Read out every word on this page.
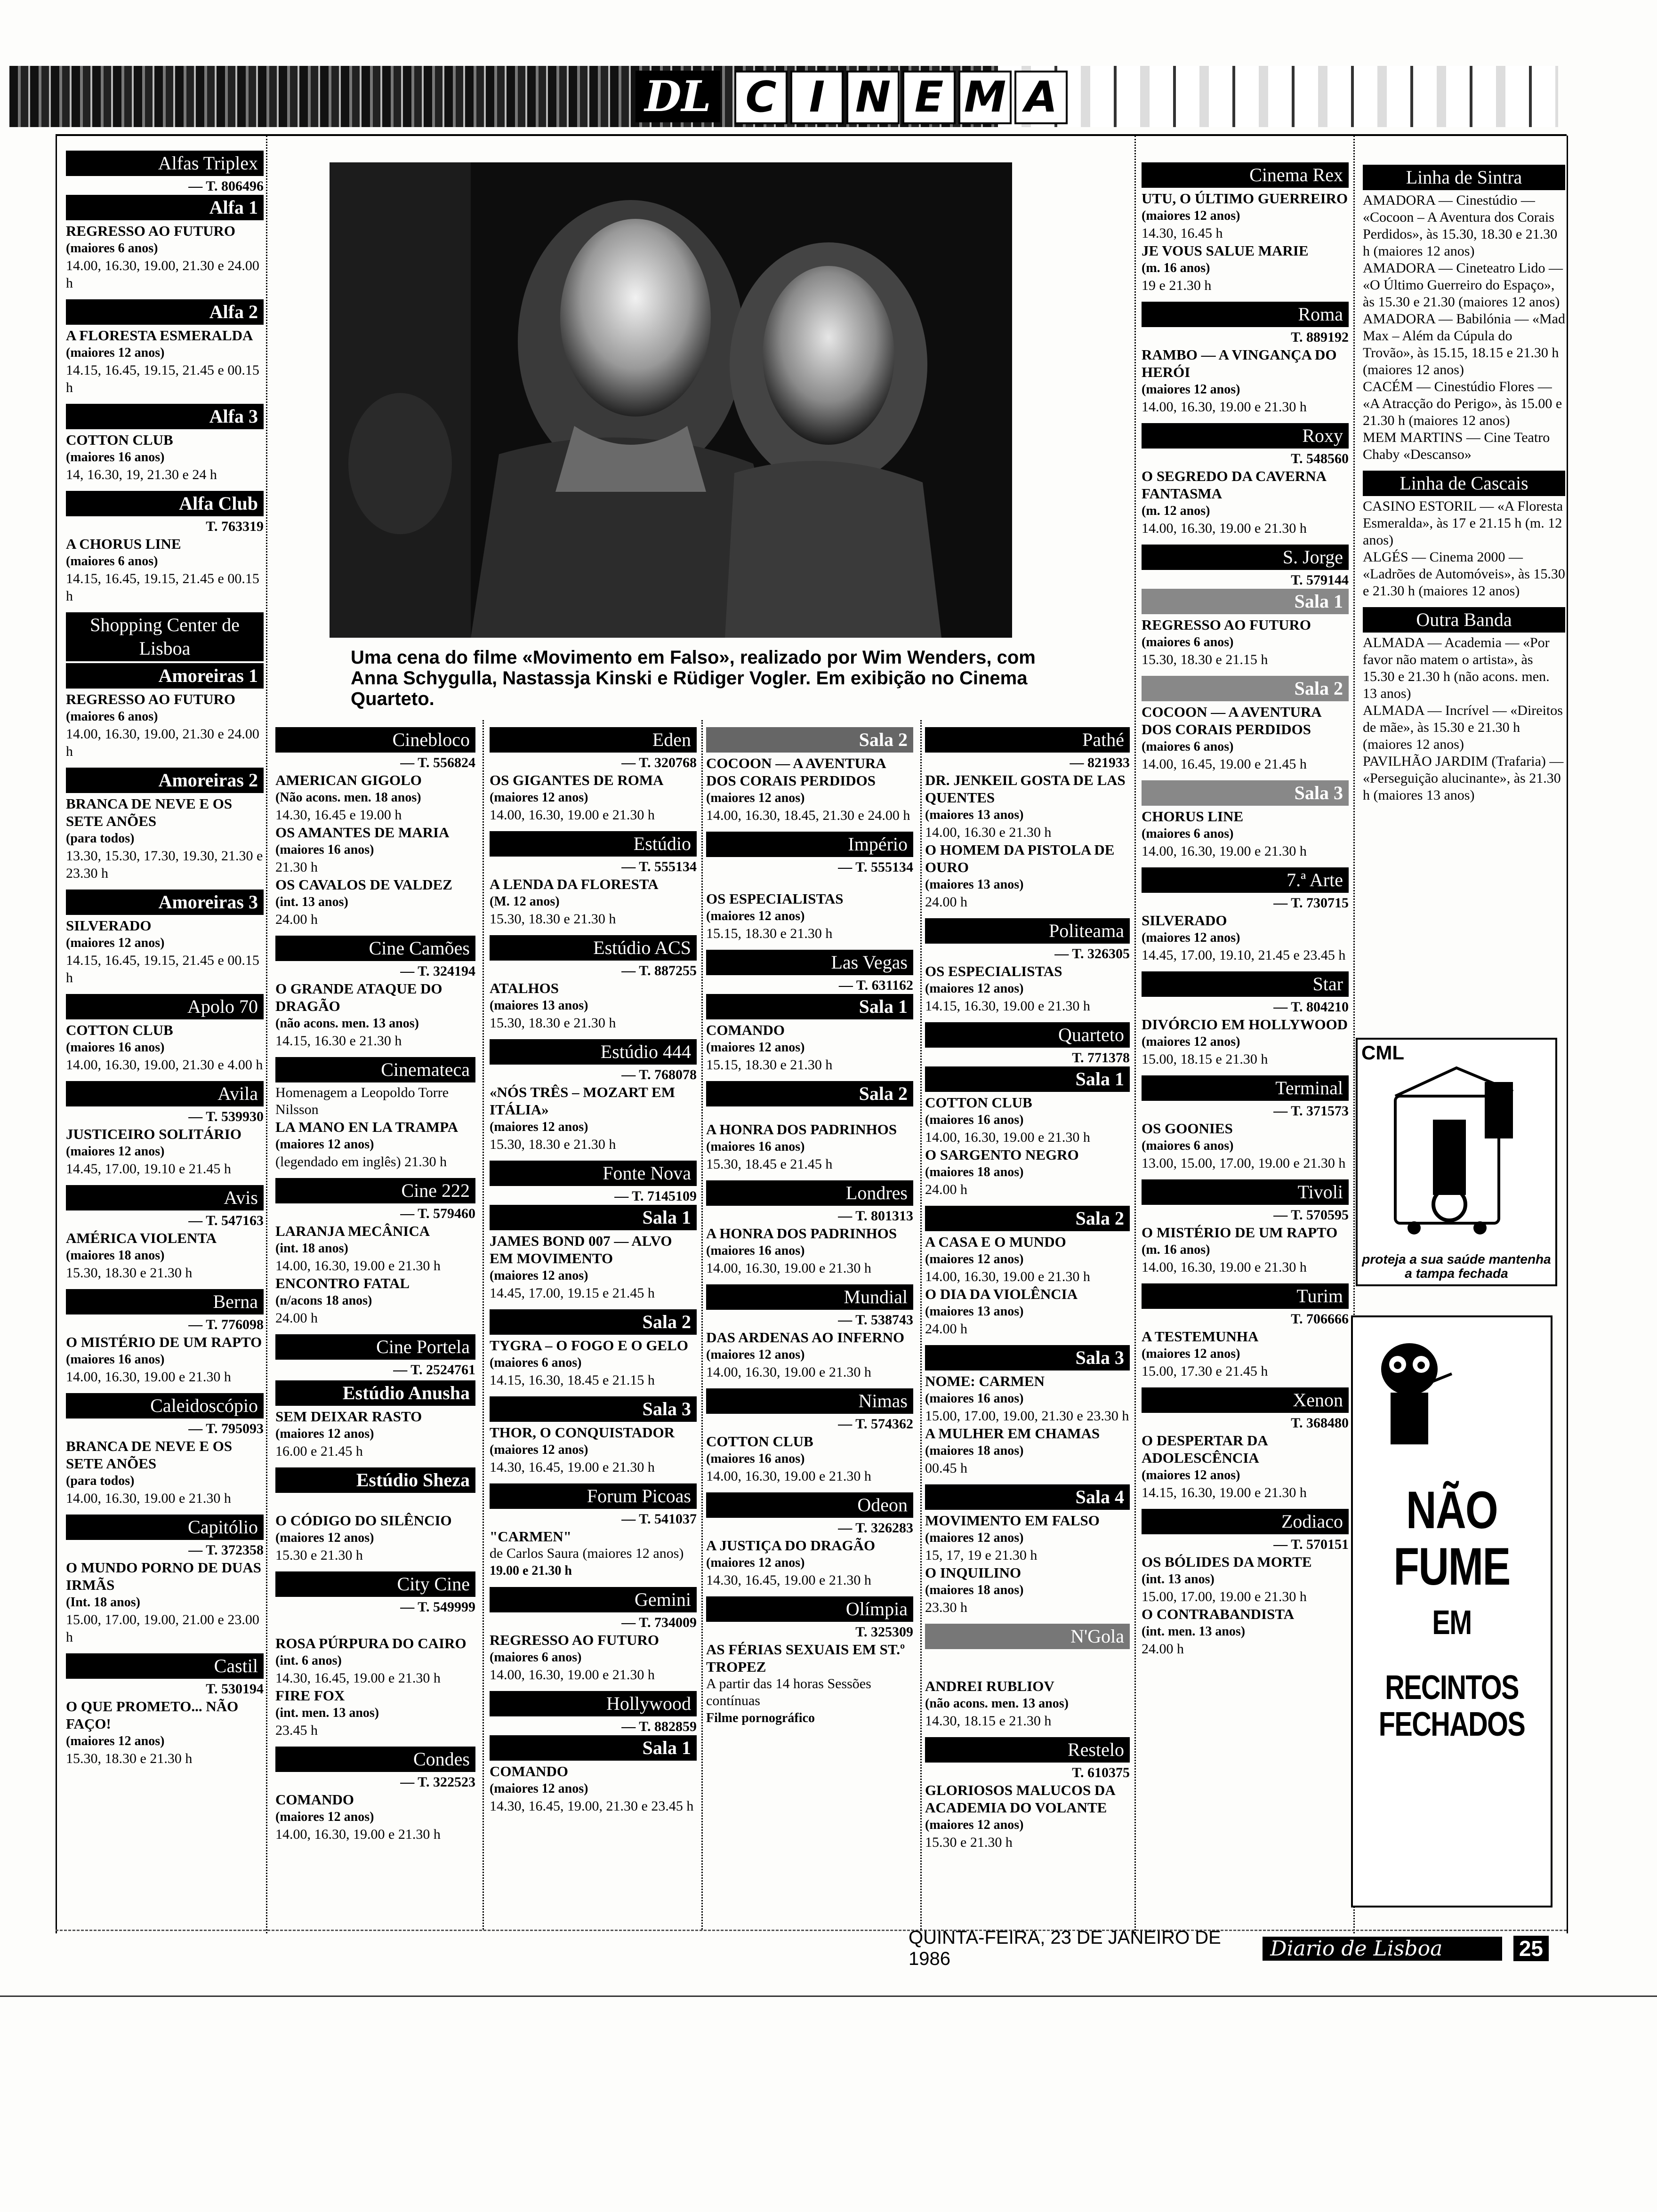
DL C I N E M A
Uma cena do filme «Movimento em Falso», realizado por Wim Wenders, com Anna Schygulla, Nastassja Kinski e Rüdiger Vogler. Em exibição no Cinema Quarteto.
Alfas Triplex
— T. 806496
Alfa 1
REGRESSO AO FUTURO
(maiores 6 anos)
14.00, 16.30, 19.00, 21.30 e 24.00 h
Alfa 2
A FLORESTA ESMERALDA
(maiores 12 anos)
14.15, 16.45, 19.15, 21.45 e 00.15 h
Alfa 3
COTTON CLUB
(maiores 16 anos)
14, 16.30, 19, 21.30 e 24 h
Alfa Club
T. 763319
A CHORUS LINE
(maiores 6 anos)
14.15, 16.45, 19.15, 21.45 e 00.15 h
Shopping Center de Lisboa
Amoreiras 1
REGRESSO AO FUTURO
(maiores 6 anos)
14.00, 16.30, 19.00, 21.30 e 24.00 h
Amoreiras 2
BRANCA DE NEVE E OS SETE ANÕES
(para todos)
13.30, 15.30, 17.30, 19.30, 21.30 e 23.30 h
Amoreiras 3
SILVERADO
(maiores 12 anos)
14.15, 16.45, 19.15, 21.45 e 00.15 h
Apolo 70
COTTON CLUB
(maiores 16 anos)
14.00, 16.30, 19.00, 21.30 e 4.00 h
Avila
— T. 539930
JUSTICEIRO SOLITÁRIO
(maiores 12 anos)
14.45, 17.00, 19.10 e 21.45 h
Avis
— T. 547163
AMÉRICA VIOLENTA
(maiores 18 anos)
15.30, 18.30 e 21.30 h
Berna
— T. 776098
O MISTÉRIO DE UM RAPTO
(maiores 16 anos)
14.00, 16.30, 19.00 e 21.30 h
Caleidoscópio
— T. 795093
BRANCA DE NEVE E OS SETE ANÕES
(para todos)
14.00, 16.30, 19.00 e 21.30 h
Capitólio
— T. 372358
O MUNDO PORNO DE DUAS IRMÃS
(Int. 18 anos)
15.00, 17.00, 19.00, 21.00 e 23.00 h
Castil
T. 530194
O QUE PROMETO... NÃO FAÇO!
(maiores 12 anos)
15.30, 18.30 e 21.30 h
Cinebloco
— T. 556824
AMERICAN GIGOLO
(Não acons. men. 18 anos)
14.30, 16.45 e 19.00 h
OS AMANTES DE MARIA
(maiores 16 anos)
21.30 h
OS CAVALOS DE VALDEZ
(int. 13 anos)
24.00 h
Cine Camões
— T. 324194
O GRANDE ATAQUE DO DRAGÃO
(não acons. men. 13 anos)
14.15, 16.30 e 21.30 h
Cinemateca
Homenagem a Leopoldo Torre Nilsson
LA MANO EN LA TRAMPA
(maiores 12 anos)
(legendado em inglês) 21.30 h
Cine 222
— T. 579460
LARANJA MECÂNICA
(int. 18 anos)
14.00, 16.30, 19.00 e 21.30 h
ENCONTRO FATAL
(n/acons 18 anos)
24.00 h
Cine Portela
— T. 2524761
Estúdio Anusha
SEM DEIXAR RASTO
(maiores 12 anos)
16.00 e 21.45 h
Estúdio Sheza
O CÓDIGO DO SILÊNCIO
(maiores 12 anos)
15.30 e 21.30 h
City Cine
— T. 549999
ROSA PÚRPURA DO CAIRO
(int. 6 anos)
14.30, 16.45, 19.00 e 21.30 h
FIRE FOX
(int. men. 13 anos)
23.45 h
Condes
— T. 322523
COMANDO
(maiores 12 anos)
14.00, 16.30, 19.00 e 21.30 h
Eden
— T. 320768
OS GIGANTES DE ROMA
(maiores 12 anos)
14.00, 16.30, 19.00 e 21.30 h
Estúdio
— T. 555134
A LENDA DA FLORESTA
(M. 12 anos)
15.30, 18.30 e 21.30 h
Estúdio ACS
— T. 887255
ATALHOS
(maiores 13 anos)
15.30, 18.30 e 21.30 h
Estúdio 444
— T. 768078
«NÓS TRÊS – MOZART EM ITÁLIA»
(maiores 12 anos)
15.30, 18.30 e 21.30 h
Fonte Nova
— T. 7145109
Sala 1
JAMES BOND 007 — ALVO EM MOVIMENTO
(maiores 12 anos)
14.45, 17.00, 19.15 e 21.45 h
Sala 2
TYGRA – O FOGO E O GELO
(maiores 6 anos)
14.15, 16.30, 18.45 e 21.15 h
Sala 3
THOR, O CONQUISTADOR
(maiores 12 anos)
14.30, 16.45, 19.00 e 21.30 h
Forum Picoas
— T. 541037
"CARMEN"
de Carlos Saura (maiores 12 anos)
19.00 e 21.30 h
Gemini
— T. 734009
REGRESSO AO FUTURO
(maiores 6 anos)
14.00, 16.30, 19.00 e 21.30 h
Hollywood
— T. 882859
Sala 1
COMANDO
(maiores 12 anos)
14.30, 16.45, 19.00, 21.30 e 23.45 h
Sala 2
COCOON — A AVENTURA DOS CORAIS PERDIDOS
(maiores 12 anos)
14.00, 16.30, 18.45, 21.30 e 24.00 h
Império
— T. 555134
OS ESPECIALISTAS
(maiores 12 anos)
15.15, 18.30 e 21.30 h
Las Vegas
— T. 631162
Sala 1
COMANDO
(maiores 12 anos)
15.15, 18.30 e 21.30 h
Sala 2
A HONRA DOS PADRINHOS
(maiores 16 anos)
15.30, 18.45 e 21.45 h
Londres
— T. 801313
A HONRA DOS PADRINHOS
(maiores 16 anos)
14.00, 16.30, 19.00 e 21.30 h
Mundial
— T. 538743
DAS ARDENAS AO INFERNO
(maiores 12 anos)
14.00, 16.30, 19.00 e 21.30 h
Nimas
— T. 574362
COTTON CLUB
(maiores 16 anos)
14.00, 16.30, 19.00 e 21.30 h
Odeon
— T. 326283
A JUSTIÇA DO DRAGÃO
(maiores 12 anos)
14.30, 16.45, 19.00 e 21.30 h
Olímpia
T. 325309
AS FÉRIAS SEXUAIS EM ST.º TROPEZ
A partir das 14 horas Sessões contínuas
Filme pornográfico
Pathé
— 821933
DR. JENKEIL GOSTA DE LAS QUENTES
(maiores 13 anos)
14.00, 16.30 e 21.30 h
O HOMEM DA PISTOLA DE OURO
(maiores 13 anos)
24.00 h
Politeama
— T. 326305
OS ESPECIALISTAS
(maiores 12 anos)
14.15, 16.30, 19.00 e 21.30 h
Quarteto
T. 771378
Sala 1
COTTON CLUB
(maiores 16 anos)
14.00, 16.30, 19.00 e 21.30 h
O SARGENTO NEGRO
(maiores 18 anos)
24.00 h
Sala 2
A CASA E O MUNDO
(maiores 12 anos)
14.00, 16.30, 19.00 e 21.30 h
O DIA DA VIOLÊNCIA
(maiores 13 anos)
24.00 h
Sala 3
NOME: CARMEN
(maiores 16 anos)
15.00, 17.00, 19.00, 21.30 e 23.30 h
A MULHER EM CHAMAS
(maiores 18 anos)
00.45 h
Sala 4
MOVIMENTO EM FALSO
(maiores 12 anos)
15, 17, 19 e 21.30 h
O INQUILINO
(maiores 18 anos)
23.30 h
N'Gola
ANDREI RUBLIOV
(não acons. men. 13 anos)
14.30, 18.15 e 21.30 h
Restelo
T. 610375
GLORIOSOS MALUCOS DA ACADEMIA DO VOLANTE
(maiores 12 anos)
15.30 e 21.30 h
Cinema Rex
UTU, O ÚLTIMO GUERREIRO
(maiores 12 anos)
14.30, 16.45 h
JE VOUS SALUE MARIE
(m. 16 anos)
19 e 21.30 h
Roma
T. 889192
RAMBO — A VINGANÇA DO HERÓI
(maiores 12 anos)
14.00, 16.30, 19.00 e 21.30 h
Roxy
T. 548560
O SEGREDO DA CAVERNA FANTASMA
(m. 12 anos)
14.00, 16.30, 19.00 e 21.30 h
S. Jorge
T. 579144
Sala 1
REGRESSO AO FUTURO
(maiores 6 anos)
15.30, 18.30 e 21.15 h
Sala 2
COCOON — A AVENTURA DOS CORAIS PERDIDOS
(maiores 6 anos)
14.00, 16.45, 19.00 e 21.45 h
Sala 3
CHORUS LINE
(maiores 6 anos)
14.00, 16.30, 19.00 e 21.30 h
7.ª Arte
— T. 730715
SILVERADO
(maiores 12 anos)
14.45, 17.00, 19.10, 21.45 e 23.45 h
Star
— T. 804210
DIVÓRCIO EM HOLLYWOOD
(maiores 12 anos)
15.00, 18.15 e 21.30 h
Terminal
— T. 371573
OS GOONIES
(maiores 6 anos)
13.00, 15.00, 17.00, 19.00 e 21.30 h
Tivoli
— T. 570595
O MISTÉRIO DE UM RAPTO
(m. 16 anos)
14.00, 16.30, 19.00 e 21.30 h
Turim
T. 706666
A TESTEMUNHA
(maiores 12 anos)
15.00, 17.30 e 21.45 h
Xenon
T. 368480
O DESPERTAR DA ADOLESCÊNCIA
(maiores 12 anos)
14.15, 16.30, 19.00 e 21.30 h
Zodiaco
— T. 570151
OS BÓLIDES DA MORTE
(int. 13 anos)
15.00, 17.00, 19.00 e 21.30 h
O CONTRABANDISTA
(int. men. 13 anos)
24.00 h
Linha de Sintra
AMADORA — Cinestúdio — «Cocoon – A Aventura dos Corais Perdidos», às 15.30, 18.30 e 21.30 h (maiores 12 anos)
AMADORA — Cineteatro Lido — «O Último Guerreiro do Espaço», às 15.30 e 21.30 (maiores 12 anos)
AMADORA — Babilónia — «Mad Max – Além da Cúpula do Trovão», às 15.15, 18.15 e 21.30 h (maiores 12 anos)
CACÉM — Cinestúdio Flores — «A Atracção do Perigo», às 15.00 e 21.30 h (maiores 12 anos)
MEM MARTINS — Cine Teatro Chaby «Descanso»
Linha de Cascais
CASINO ESTORIL — «A Floresta Esmeralda», às 17 e 21.15 h (m. 12 anos)
ALGÉS — Cinema 2000 — «Ladrões de Automóveis», às 15.30 e 21.30 h (maiores 12 anos)
Outra Banda
ALMADA — Academia — «Por favor não matem o artista», às 15.30 e 21.30 h (não acons. men. 13 anos)
ALMADA — Incrível — «Direitos de mãe», às 15.30 e 21.30 h (maiores 12 anos)
PAVILHÃO JARDIM (Trafaria) — «Perseguição alucinante», às 21.30 h (maiores 13 anos)
CML
proteja a sua saúde mantenha a tampa fechada
NÃO
FUME
EM
RECINTOS
FECHADOS
QUINTA-FEIRA, 23 DE JANEIRO DE 1986	Diario de Lisboa	25
